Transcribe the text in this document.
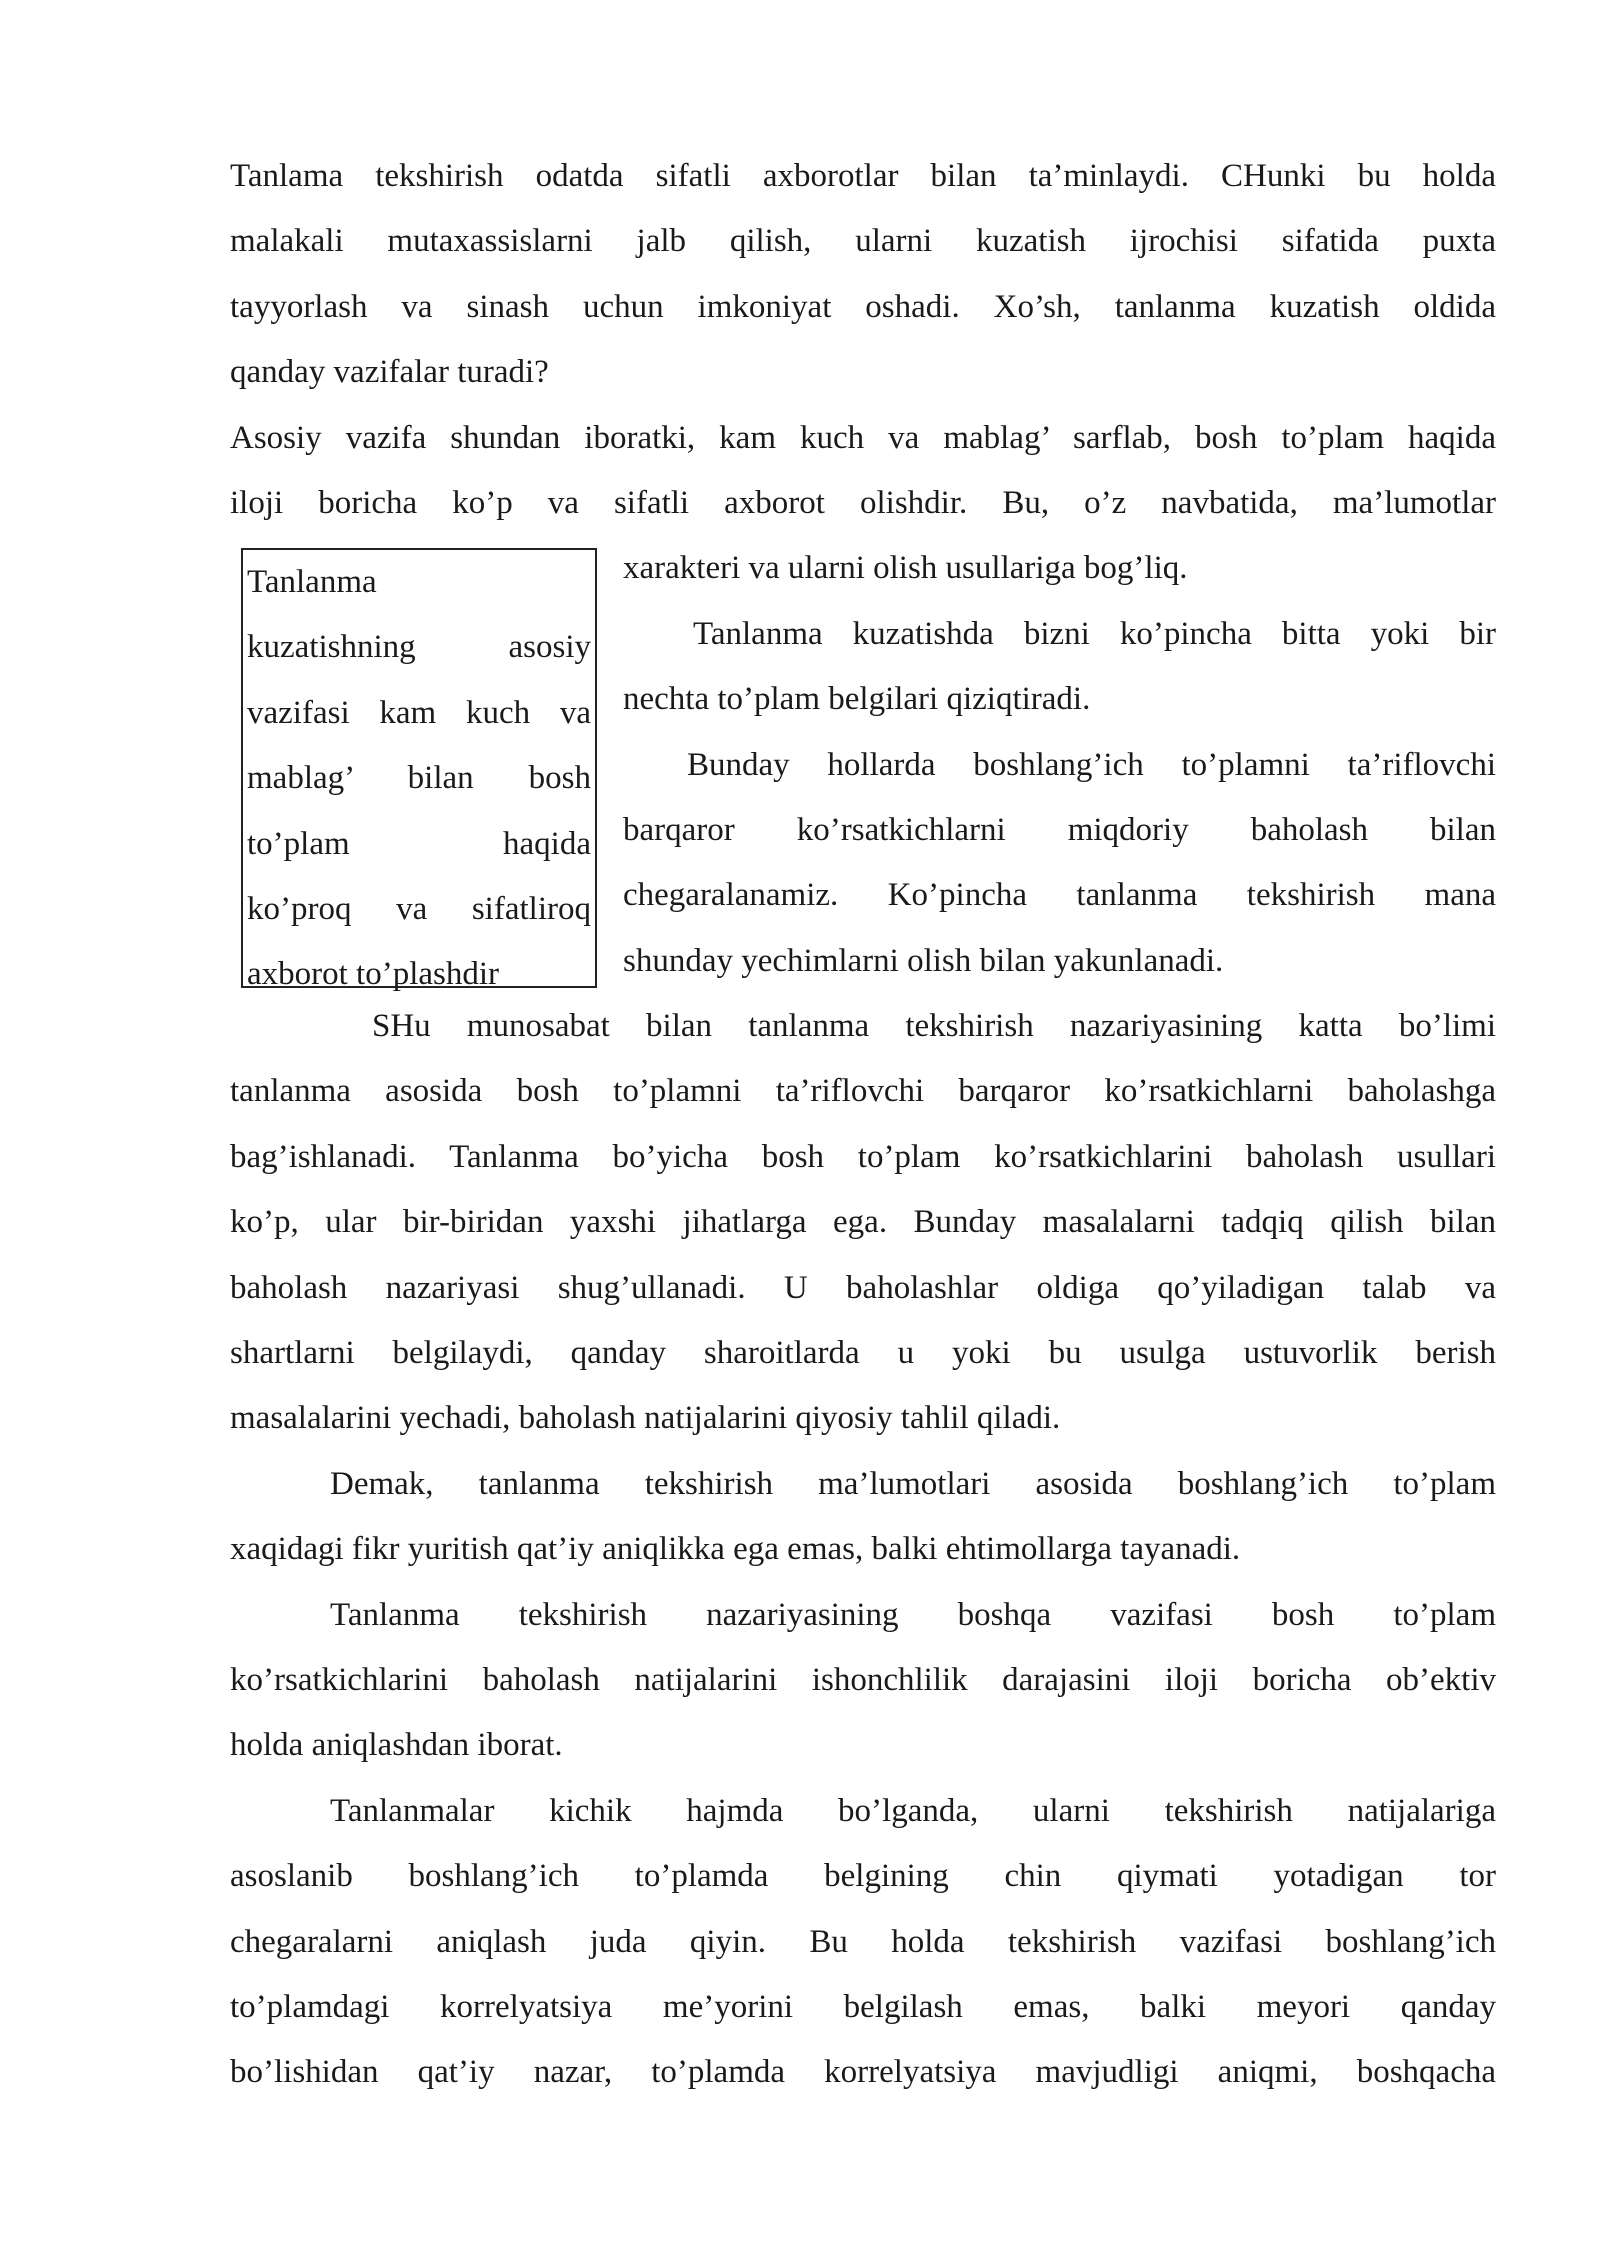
Tanlanma
kuzatishning asosiy
vazifasi kam kuch va
mablag’ bilan bosh
to’plam haqida
ko’proq va sifatliroq
axborot to’plashdir
Tanlama tekshirish odatda sifatli axborotlar bilan ta’minlaydi. CHunki bu holda
malakali mutaxassislarni jalb qilish, ularni kuzatish ijrochisi sifatida puxta
tayyorlash va sinash uchun imkoniyat oshadi. Xo’sh, tanlanma kuzatish oldida
qanday vazifalar turadi?
Asosiy vazifa shundan iboratki, kam kuch va mablag’ sarflab, bosh to’plam haqida
iloji boricha ko’p va sifatli axborot olishdir. Bu, o’z navbatida, ma’lumotlar
xarakteri va ularni olish usullariga bog’liq.
Tanlanma kuzatishda bizni ko’pincha bitta yoki bir
nechta to’plam belgilari qiziqtiradi.
Bunday hollarda boshlang’ich to’plamni ta’riflovchi
barqaror ko’rsatkichlarni miqdoriy baholash bilan
chegaralanamiz. Ko’pincha tanlanma tekshirish mana
shunday yechimlarni olish bilan yakunlanadi.
SHu munosabat bilan tanlanma tekshirish nazariyasining katta bo’limi
tanlanma asosida bosh to’plamni ta’riflovchi barqaror ko’rsatkichlarni baholashga
bag’ishlanadi. Tanlanma bo’yicha bosh to’plam ko’rsatkichlarini baholash usullari
ko’p, ular bir-biridan yaxshi jihatlarga ega. Bunday masalalarni tadqiq qilish bilan
baholash nazariyasi shug’ullanadi. U baholashlar oldiga qo’yiladigan talab va
shartlarni belgilaydi, qanday sharoitlarda u yoki bu usulga ustuvorlik berish
masalalarini yechadi, baholash natijalarini qiyosiy tahlil qiladi.
Demak, tanlanma tekshirish ma’lumotlari asosida boshlang’ich to’plam
xaqidagi fikr yuritish qat’iy aniqlikka ega emas, balki ehtimollarga tayanadi.
Tanlanma tekshirish nazariyasining boshqa vazifasi bosh to’plam
ko’rsatkichlarini baholash natijalarini ishonchlilik darajasini iloji boricha ob’ektiv
holda aniqlashdan iborat.
Tanlanmalar kichik hajmda bo’lganda, ularni tekshirish natijalariga
asoslanib boshlang’ich to’plamda belgining chin qiymati yotadigan tor
chegaralarni aniqlash juda qiyin. Bu holda tekshirish vazifasi boshlang’ich
to’plamdagi korrelyatsiya me’yorini belgilash emas, balki meyori qanday
bo’lishidan qat’iy nazar, to’plamda korrelyatsiya mavjudligi aniqmi, boshqacha
